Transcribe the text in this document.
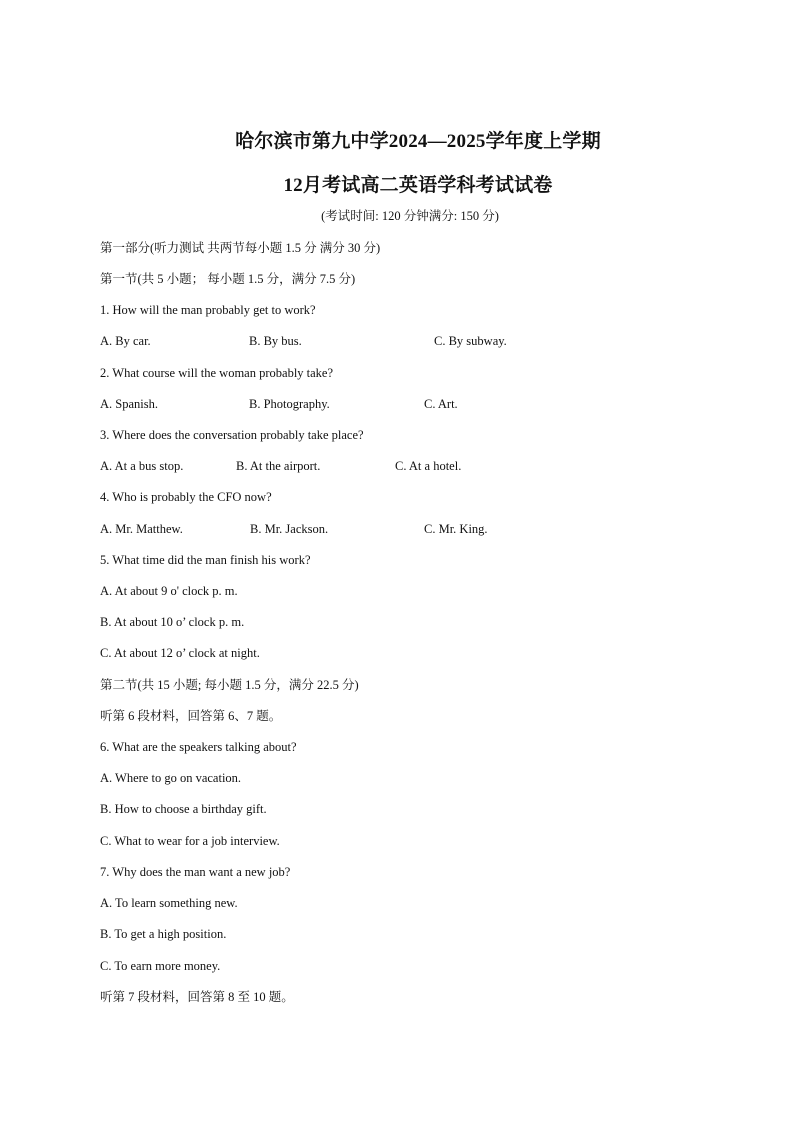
哈尔滨市第九中学2024—2025学年度上学期
12月考试高二英语学科考试试卷
(考试时间: 120 分钟满分: 150 分)
第一部分(听力测试 共两节每小题 1.5 分 满分 30 分)
第一节(共 5 小题； 每小题 1.5 分，满分 7.5 分)
1. How will the man probably get to work?
A. By car.	B. By bus.	C. By subway.
2. What course will the woman probably take?
A. Spanish.	B. Photography.	C. Art.
3. Where does the conversation probably take place?
A. At a bus stop.	B. At the airport.	C. At a hotel.
4. Who is probably the CFO now?
A. Mr. Matthew.	B. Mr. Jackson.	C. Mr. King.
5. What time did the man finish his work?
A. At about 9 o' clock p. m.
B. At about 10 o’ clock p. m.
C. At about 12 o’ clock at night.
第二节(共 15 小题; 每小题 1.5 分，满分 22.5 分)
听第 6 段材料，回答第 6、7 题。
6. What are the speakers talking about?
A. Where to go on vacation.
B. How to choose a birthday gift.
C. What to wear for a job interview.
7. Why does the man want a new job?
A. To learn something new.
B. To get a high position.
C. To earn more money.
听第 7 段材料，回答第 8 至 10 题。
